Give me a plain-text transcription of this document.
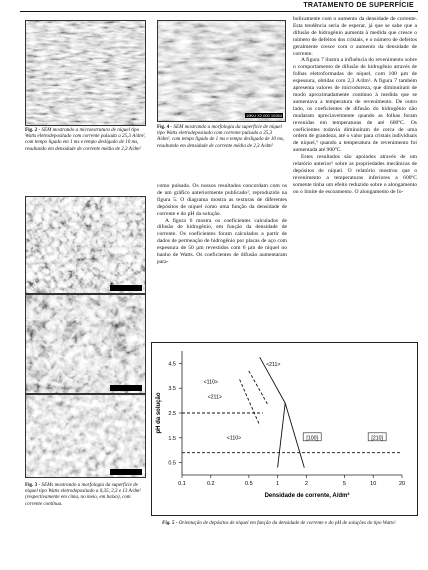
TRATAMENTO DE SUPERFÍCIE
Fig. 2 - SEM mostrando a microestrutura de níquel tipo Watts eletrodepositado com corrente pulsada a 25,3 A/dm², com tempo ligado em 1 ms e tempo desligado de 10 ms, resultando em densidade de corrente média de 2,3 A/dm²
10KU X2,000 10264
Fig. 4 - SEM mostrando a morfologia da superfície de níquel tipo Watts eletrodepositado com corrente pulsada a 25,3 A/dm², com tempo ligado de 1 ms e tempo desligado de 10 ms, resultando em densidade de corrente média de 2,3 A/dm²
Fig. 3 - SEMs mostrando a morfologia da superfície de níquel tipo Watts eletrodepositado a 0,35, 2,3 e 13 A/dm² (respectivamente em cima, no meio, em baixo), com corrente contínua.

como pulsada. Os nossos resultados concordam com os de um gráfico anteriormente publicado², reproduzido na figura 5. O diagrama mostra as texturas de diferentes depósitos de níquel como uma função da densidade de corrente e do pH da solução.

A figura 6 mostra os coeficientes calculados de difusão de hidrogênio, em função da densidade de corrente. Os coeficientes foram calculados a partir de dados de permeação de hidrogênio por placas de aço com espessura de 50 µm revestidos com 6 µm de níquel no banho de Watts. Os coeficientes de difusão aumentaram para-

bolicamente com o aumento da densidade de corrente. Esta tendência seria de esperar, já que se sabe que a difusão de hidrogênio aumenta à medida que cresce o número de defeitos dos cristais, e o número de defeitos geralmente cresce com o aumento da densidade de corrente.

A figura 7 ilustra a influência do revenimento sobre o comportamento de difusão de hidrogênio através de folhas eletroformadas de níquel, com 100 µm de espessura, obtidas com 2,3 A/dm². A figura 7 também apresenta valores de microdureza, que diminuíram de modo aproximadamente contínuo à medida que se aumentava a temperatura de revenimento. De outro lado, os coeficientes de difusão do hidrogênio não mudaram apreciavelmente quando as folhas foram revenidas em temperaturas de até 600ºC. Os coeficientes todavia diminuíram de cerca de uma ordem de grandeza, até o valor para cristais individuais de níquel,³ quando a temperatura de revenimento foi aumentada até 900ºC.

Estes resultados são apoiados através de um relatório anterior⁵ sobre as propriedades mecânicas de depósitos de níquel. O relatório mostrou que o revenimento a temperaturas inferiores a 600ºC somente tinha um efeito reduzido sobre o alongamento ou o limite de escoamento. O alongamento de fo-

0.5
1.5
2.5
3.5
4.5
0.1	0.2	0.5	1	2	5	10	20
Densidade de corrente, A/dm²
pH da solução
<211>
<110>
<211>
<110>	[100]	[210]
Fig. 5 - Orientação de depósitos de níquel em função da densidade de corrente e do pH de soluções do tipo Watts².
